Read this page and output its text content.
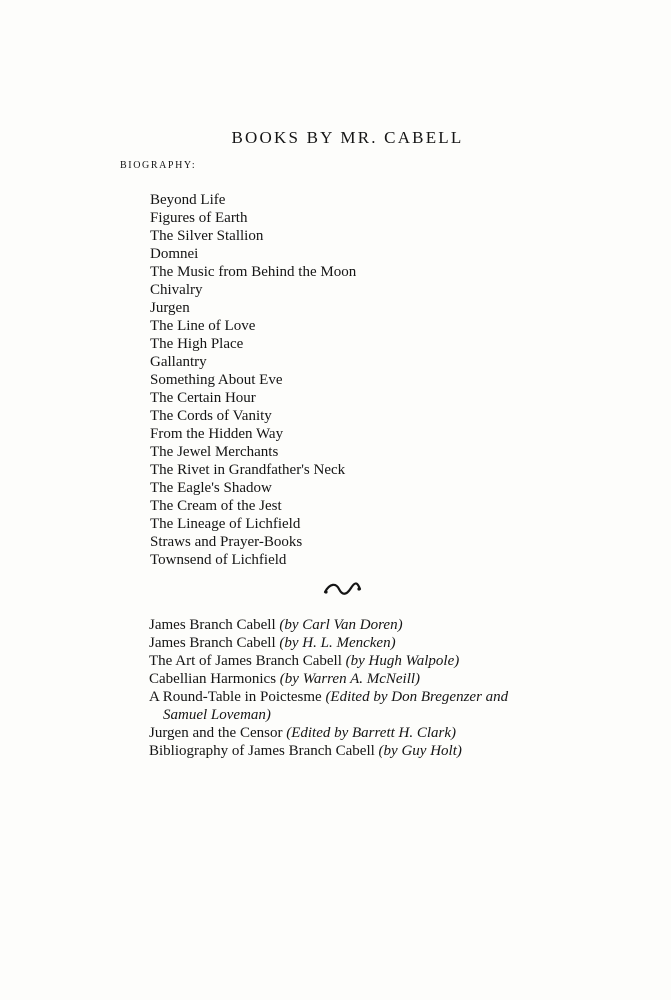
BOOKS BY MR. CABELL

BIOGRAPHY:

Beyond Life
Figures of Earth
The Silver Stallion
Domnei
The Music from Behind the Moon
Chivalry
Jurgen
The Line of Love
The High Place
Gallantry
Something About Eve
The Certain Hour
The Cords of Vanity
From the Hidden Way
The Jewel Merchants
The Rivet in Grandfather's Neck
The Eagle's Shadow
The Cream of the Jest
The Lineage of Lichfield
Straws and Prayer-Books
Townsend of Lichfield
James Branch Cabell (by Carl Van Doren)
James Branch Cabell (by H. L. Mencken)
The Art of James Branch Cabell (by Hugh Walpole)
Cabellian Harmonics (by Warren A. McNeill)
A Round-Table in Poictesme (Edited by Don Bregenzer and
Samuel Loveman)
Jurgen and the Censor (Edited by Barrett H. Clark)
Bibliography of James Branch Cabell (by Guy Holt)
